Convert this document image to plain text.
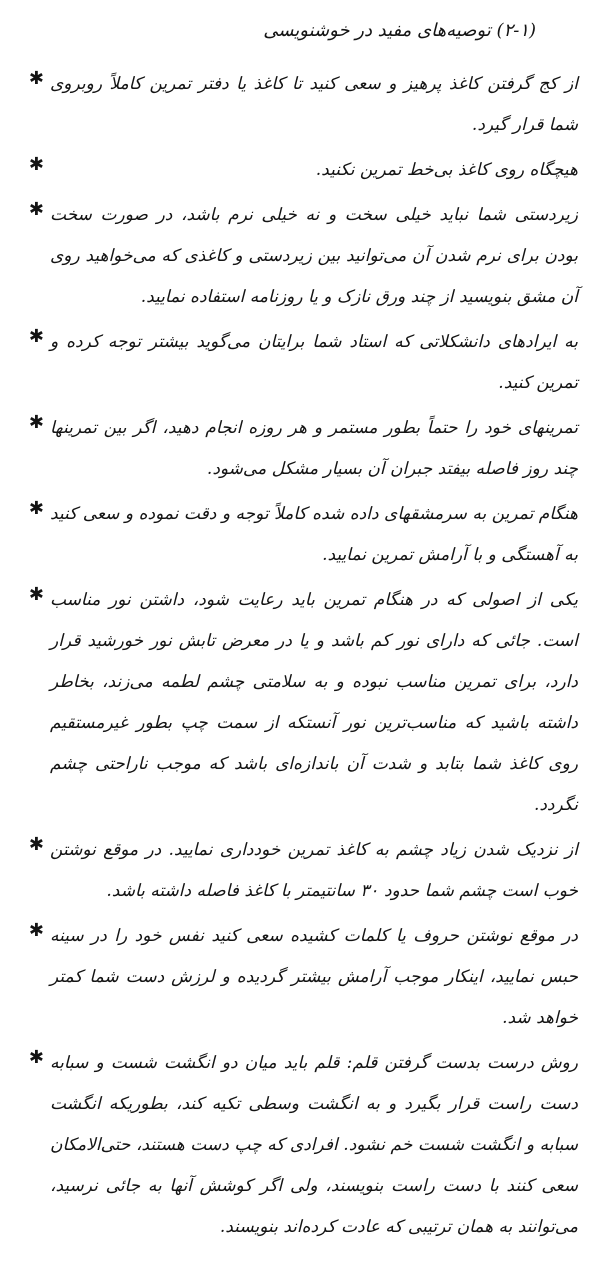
(۲-۱) توصیه‌های مفید در خوشنویسی
✱ از کج گرفتن کاغذ پرهیز و سعی کنید تا کاغذ یا دفتر تمرین کاملاً روبروی شما قرار گیرد.
✱	هیچگاه روی کاغذ بی‌خط تمرین نکنید.
✱ زیردستی شما نباید خیلی سخت و نه خیلی نرم باشد، در صورت سخت بودن برای نرم شدن آن می‌توانید بین زیردستی و کاغذی که می‌خواهید روی آن مشق بنویسید از چند ورق نازک و یا روزنامه استفاده نمایید.
✱ به ایرادهای دانشکلاتی که استاد شما برایتان می‌گوید بیشتر توجه کرده و تمرین کنید.
✱ تمرینهای خود را حتماً بطور مستمر و هر روزه انجام دهید، اگر بین تمرینها چند روز فاصله بیفتد جبران آن بسیار مشکل می‌شود.
✱ هنگام تمرین به سرمشقهای داده شده کاملاً توجه و دقت نموده و سعی کنید به آهستگی و با آرامش تمرین نمایید.
✱ یکی از اصولی که در هنگام تمرین باید رعایت شود، داشتن نور مناسب است. جائی که دارای نور کم باشد و یا در معرض تابش نور خورشید قرار دارد، برای تمرین مناسب نبوده و به سلامتی چشم لطمه می‌زند، بخاطر داشته باشید که مناسب‌ترین نور آنستکه از سمت چپ بطور غیرمستقیم روی کاغذ شما بتابد و شدت آن باندازه‌ای باشد که موجب ناراحتی چشم نگردد.
✱ از نزدیک شدن زیاد چشم به کاغذ تمرین خودداری نمایید. در موقع نوشتن خوب است چشم شما حدود ۳۰ سانتیمتر با کاغذ فاصله داشته باشد.
✱ در موقع نوشتن حروف یا کلمات کشیده سعی کنید نفس خود را در سینه حبس نمایید، اینکار موجب آرامش بیشتر گردیده و لرزش دست شما کمتر خواهد شد.
✱ روش درست بدست گرفتن قلم: قلم باید میان دو انگشت شست و سبابه دست راست قرار بگیرد و به انگشت وسطی تکیه کند، بطوریکه انگشت سبابه و انگشت شست خم نشود. افرادی که چپ دست هستند، حتی‌الامکان سعی کنند با دست راست بنویسند، ولی اگر کوشش آنها به جائی نرسید، می‌توانند به همان ترتیبی که عادت کرده‌اند بنویسند.
